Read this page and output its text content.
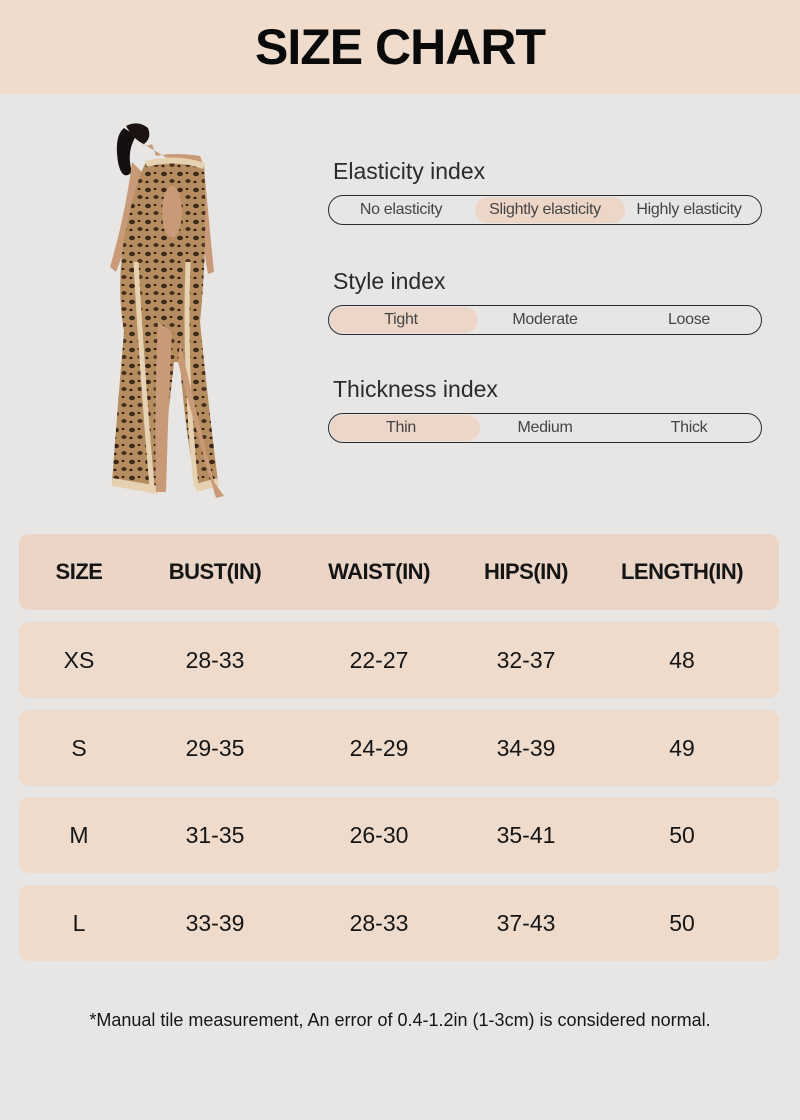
SIZE CHART
Elasticity index
No elasticity	Slightly elasticity	Highly elasticity
Style index
Tight	Moderate	Loose
Thickness index
Thin	Medium	Thick
SIZE	BUST(IN)	WAIST(IN)	HIPS(IN)	LENGTH(IN)
XS	28-33	22-27	32-37	48
S	29-35	24-29	34-39	49
M	31-35	26-30	35-41	50
L	33-39	28-33	37-43	50
*Manual tile measurement, An error of 0.4-1.2in (1-3cm) is considered normal.
